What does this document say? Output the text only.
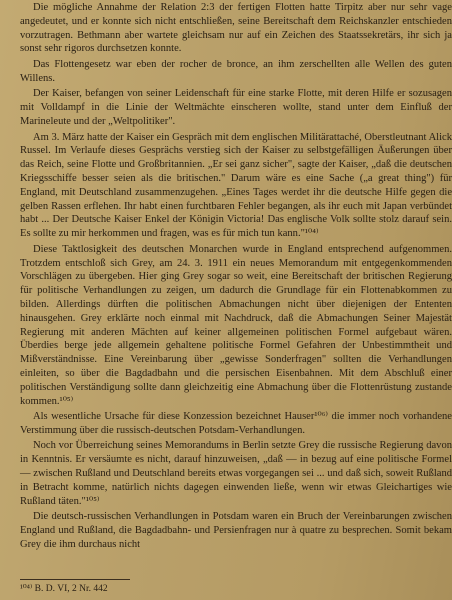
Die mögliche Annahme der Relation 2:3 der fertigen Flotten hatte Tirpitz aber nur sehr vage angedeutet, und er konnte sich nicht entschließen, seine Bereitschaft dem Reichskanzler entschieden vorzutragen. Bethmann aber wartete gleichsam nur auf ein Zeichen des Staatssekretärs, ihr sich ja sonst sehr rigoros durchsetzen konnte.

Das Flottengesetz war eben der rocher de bronce, an ihm zerschellten alle Wellen des guten Willens.

Der Kaiser, befangen von seiner Leidenschaft für eine starke Flotte, mit deren Hilfe er sozusagen mit Volldampf in die Linie der Weltmächte einscheren wollte, stand unter dem Einfluß der Marineleute und der „Weltpolitiker".

Am 3. März hatte der Kaiser ein Gespräch mit dem englischen Militärattaché, Oberstleutnant Alick Russel. Im Verlaufe dieses Gesprächs verstieg sich der Kaiser zu selbstgefälligen Äußerungen über das Reich, seine Flotte und Großbritannien. „Er sei ganz sicher", sagte der Kaiser, „daß die deutschen Kriegsschiffe besser seien als die britischen." Darum wäre es eine Sache („a great thing") für England, mit Deutschland zusammenzugehen. „Eines Tages werdet ihr die deutsche Hilfe gegen die gelben Rassen erflehen. Ihr habt einen furchtbaren Fehler begangen, als ihr euch mit Japan verbündet habt ... Der Deutsche Kaiser Enkel der Königin Victoria! Das englische Volk sollte stolz darauf sein. Es sollte zu mir herkommen und fragen, was es für mich tun kann."¹⁰⁴⁾

Diese Taktlosigkeit des deutschen Monarchen wurde in England entsprechend aufgenommen. Trotzdem entschloß sich Grey, am 24. 3. 1911 ein neues Memorandum mit entgegenkommenden Vorschlägen zu übergeben. Hier ging Grey sogar so weit, eine Bereitschaft der britischen Regierung für politische Verhandlungen zu zeigen, um dadurch die Grundlage für ein Flottenabkommen zu bilden. Allerdings dürften die politischen Abmachungen nicht über diejenigen der Ententen hinausgehen. Grey erklärte noch einmal mit Nachdruck, daß die Abmachungen Seiner Majestät Regierung mit anderen Mächten auf keiner allgemeinen politischen Formel aufgebaut wären. Überdies berge jede allgemein gehaltene politische Formel Gefahren der Unbestimmtheit und Mißverständnisse. Eine Vereinbarung über „gewisse Sonderfragen" sollten die Verhandlungen einleiten, so über die Bagdadbahn und die persischen Eisenbahnen. Mit dem Abschluß einer politischen Verständigung sollte dann gleichzeitig eine Abmachung über die Flottenrüstung zustande kommen.¹⁰⁵⁾

Als wesentliche Ursache für diese Konzession bezeichnet Hauser¹⁰⁶⁾ die immer noch vorhandene Verstimmung über die russisch-deutschen Potsdam-Verhandlungen.

Noch vor Überreichung seines Memorandums in Berlin setzte Grey die russische Regierung davon in Kenntnis. Er versäumte es nicht, darauf hinzuweisen, „daß — in bezug auf eine politische Formel — zwischen Rußland und Deutschland bereits etwas vorgegangen sei ... und daß sich, soweit Rußland in Betracht komme, natürlich nichts dagegen einwenden ließe, wenn wir etwas Gleichartiges wie Rußland täten."¹⁰⁵⁾

Die deutsch-russischen Verhandlungen in Potsdam waren ein Bruch der Vereinbarungen zwischen England und Rußland, die Bagdadbahn- und Persienfragen nur à quatre zu besprechen. Somit bekam Grey die ihm durchaus nicht

¹⁰⁴⁾ B. D. VI, 2 Nr. 442
